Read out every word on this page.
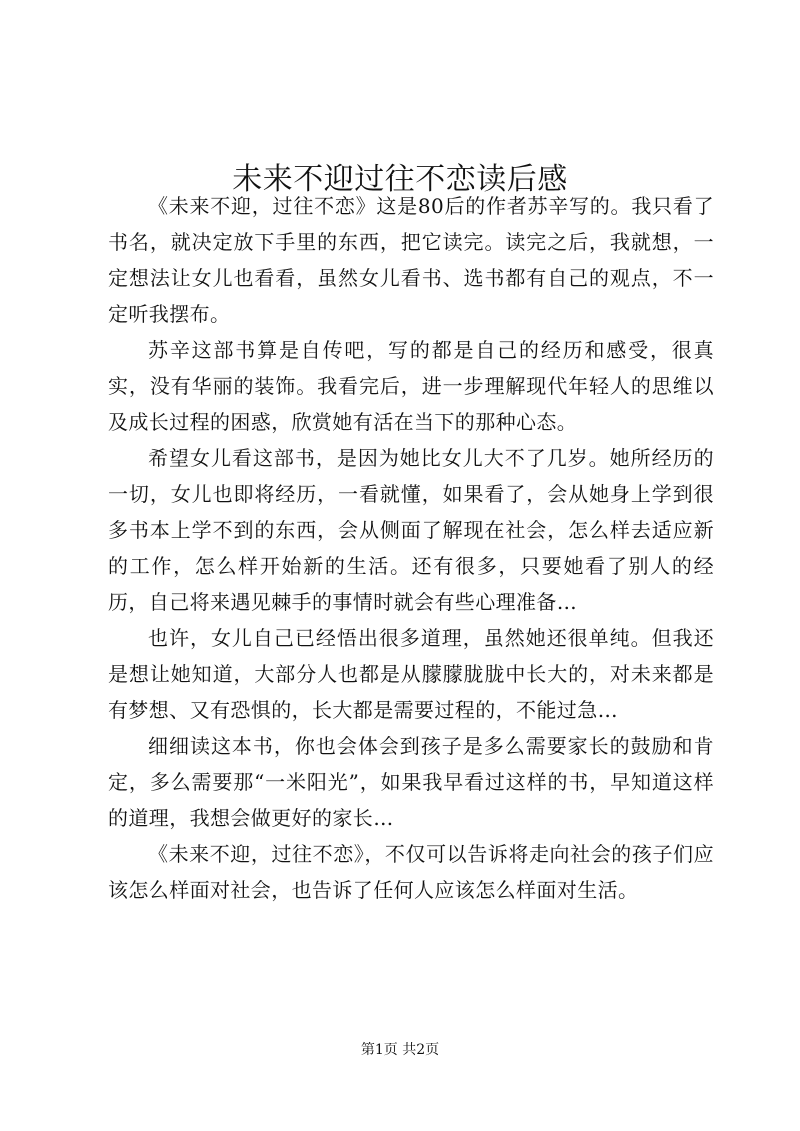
未来不迎过往不恋读后感

《未来不迎，过往不恋》这是80后的作者苏辛写的。我只看了书名，就决定放下手里的东西，把它读完。读完之后，我就想，一定想法让女儿也看看，虽然女儿看书、选书都有自己的观点，不一定听我摆布。

苏辛这部书算是自传吧，写的都是自己的经历和感受，很真实，没有华丽的装饰。我看完后，进一步理解现代年轻人的思维以及成长过程的困惑，欣赏她有活在当下的那种心态。

希望女儿看这部书，是因为她比女儿大不了几岁。她所经历的一切，女儿也即将经历，一看就懂，如果看了，会从她身上学到很多书本上学不到的东西，会从侧面了解现在社会，怎么样去适应新的工作，怎么样开始新的生活。还有很多，只要她看了别人的经历，自己将来遇见棘手的事情时就会有些心理准备…

也许，女儿自己已经悟出很多道理，虽然她还很单纯。但我还是想让她知道，大部分人也都是从朦朦胧胧中长大的，对未来都是有梦想、又有恐惧的，长大都是需要过程的，不能过急…

细细读这本书，你也会体会到孩子是多么需要家长的鼓励和肯定，多么需要那“一米阳光”，如果我早看过这样的书，早知道这样的道理，我想会做更好的家长…

《未来不迎，过往不恋》，不仅可以告诉将走向社会的孩子们应该怎么样面对社会，也告诉了任何人应该怎么样面对生活。

第1页 共2页
